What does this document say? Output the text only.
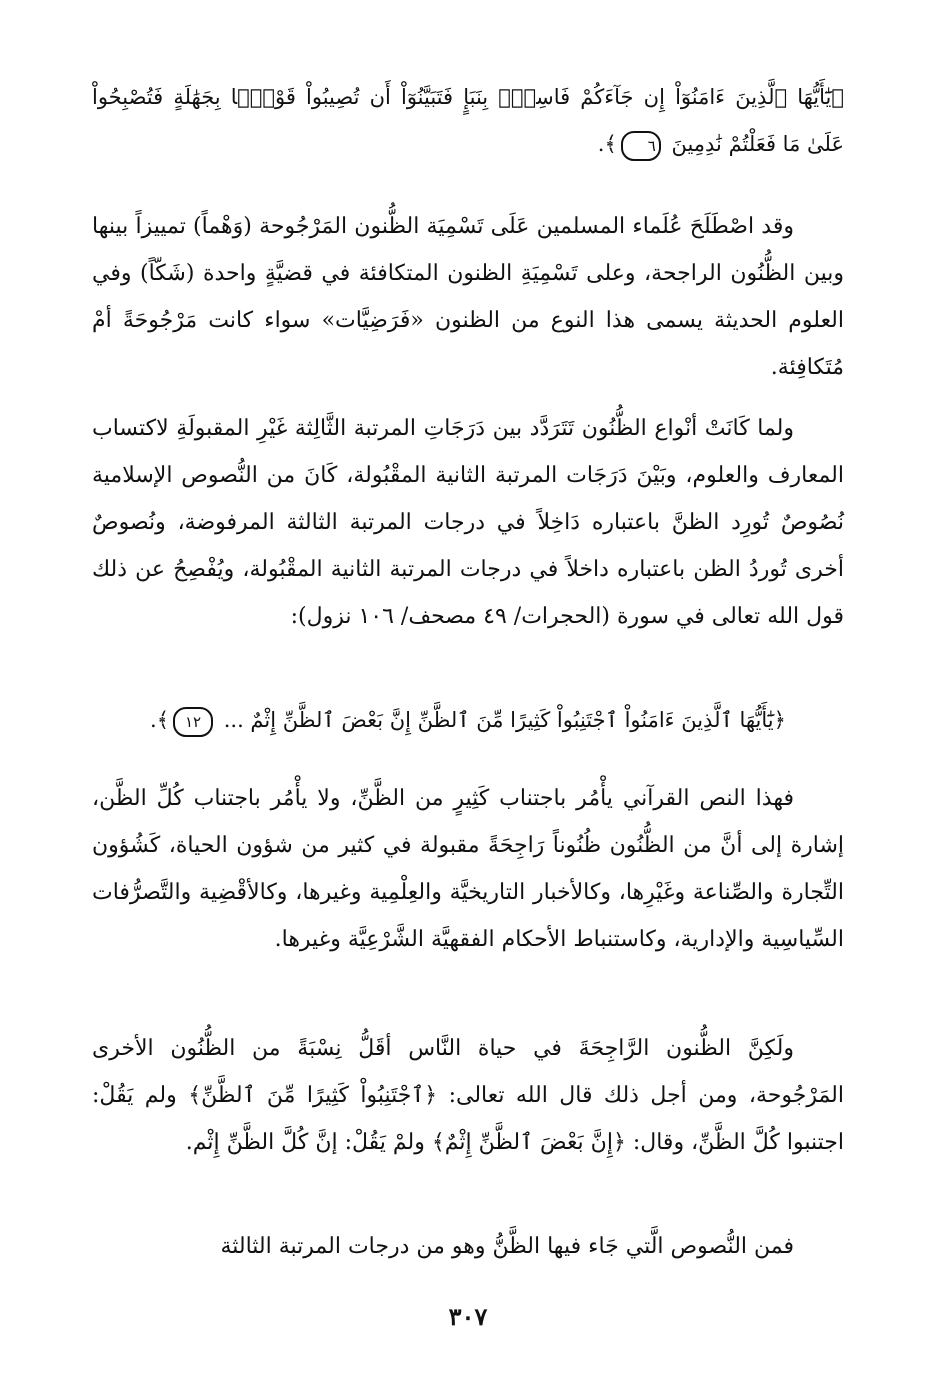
﴿يَٰٓأَيُّهَا ٱلَّذِينَ ءَامَنُوٓاْ إِن جَآءَكُمْ فَاسِقُۢ بِنَبَإٍ فَتَبَيَّنُوٓاْ أَن تُصِيبُواْ قَوْمَۢا بِجَهَٰلَةٍ فَتُصْبِحُواْ عَلَىٰ مَا فَعَلْتُمْ نَٰدِمِينَ ٦﴾.

وقد اصْطَلَحَ عُلَماء المسلمين عَلَى تَسْمِيَة الظُّنون المَرْجُوحة (وَهْماً) تمييزاً بينها وبين الظُّنُون الراجحة، وعلى تَسْمِيَةِ الظنون المتكافئة في قضيَّةٍ واحدة (شَكّاً) وفي العلوم الحديثة يسمى هذا النوع من الظنون «فَرَضِيَّات» سواء كانت مَرْجُوحَةً أمْ مُتَكافِئة.

ولما كَانَتْ أنْواع الظُّنُون تَتَرَدَّد بين دَرَجَاتِ المرتبة الثَّالِثة غَيْرِ المقبولَةِ لاكتساب المعارف والعلوم، وبَيْنَ دَرَجَات المرتبة الثانية المقْبُولة، كَانَ من النُّصوص الإسلامية نُصُوصٌ تُورِد الظنَّ باعتباره دَاخِلاً في درجات المرتبة الثالثة المرفوضة، ونُصوصٌ أخرى تُوردُ الظن باعتباره داخلاً في درجات المرتبة الثانية المقْبُولة، ويُفْصِحُ عن ذلك قول الله تعالى في سورة (الحجرات/ ٤٩ مصحف/ ١٠٦ نزول):

﴿يَٰٓأَيُّهَا ٱلَّذِينَ ءَامَنُواْ ٱجْتَنِبُواْ كَثِيرًا مِّنَ ٱلظَّنِّ إِنَّ بَعْضَ ٱلظَّنِّ إِثْمٌ ... ١٢﴾.

فهذا النص القرآني يأْمُر باجتناب كَثِيرٍ من الظَّنِّ، ولا يأْمُر باجتناب كُلِّ الظَّن، إشارة إلى أنَّ من الظُّنُون ظُنُوناً رَاجِحَةً مقبولة في كثير من شؤون الحياة، كَشُؤون التِّجارة والصِّناعة وغَيْرِها، وكالأخبار التاريخيَّة والعِلْمِية وغيرها، وكالأقْضِية والتَّصرُّفات السِّياسِية والإدارية، وكاستنباط الأحكام الفقهيَّة الشَّرْعِيَّة وغيرها.

ولَكِنَّ الظُّنون الرَّاجِحَةَ في حياة النَّاس أقَلُّ نِسْبَةً من الظُّنُون الأخرى المَرْجُوحة، ومن أجل ذلك قال الله تعالى: ﴿ٱجْتَنِبُواْ كَثِيرًا مِّنَ ٱلظَّنِّ﴾ ولم يَقُلْ: اجتنبوا كُلَّ الظَّنِّ، وقال: ﴿إِنَّ بَعْضَ ٱلظَّنِّ إِثْمٌ﴾ ولمْ يَقُلْ: إنَّ كُلَّ الظَّنِّ إِثْم.

فمن النُّصوص الَّتي جَاء فيها الظَّنُّ وهو من درجات المرتبة الثالثة

٣٠٧
